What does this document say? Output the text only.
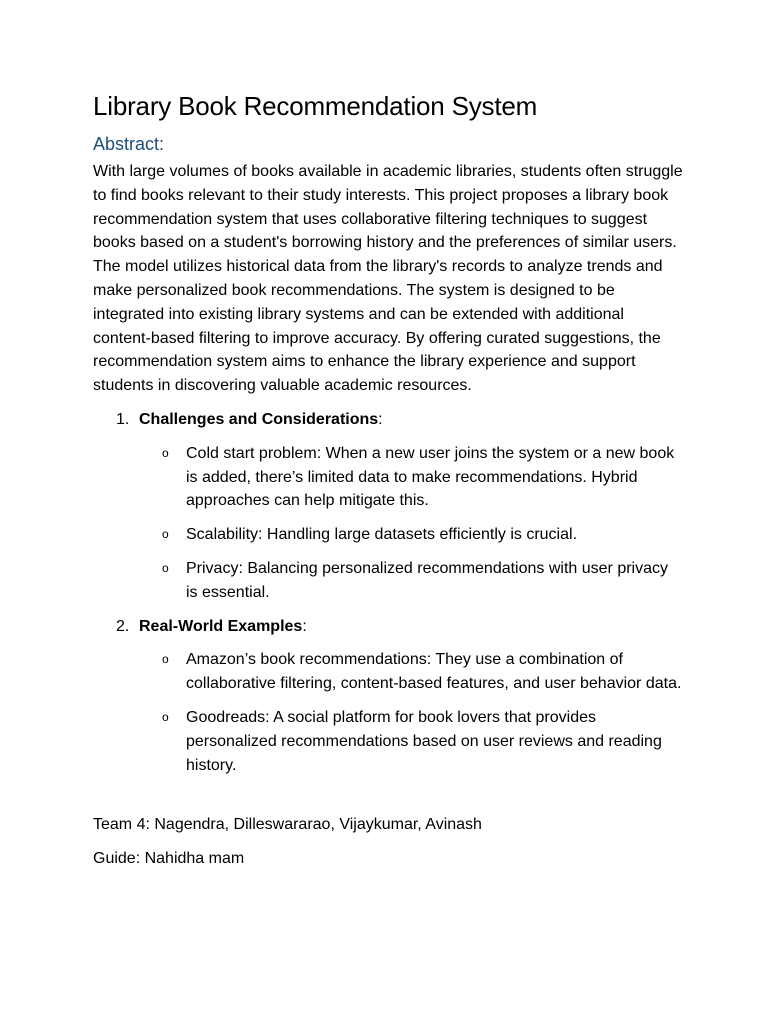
Library Book Recommendation System
Abstract:

With large volumes of books available in academic libraries, students often struggle to find books relevant to their study interests. This project proposes a library book recommendation system that uses collaborative filtering techniques to suggest books based on a student's borrowing history and the preferences of similar users. The model utilizes historical data from the library's records to analyze trends and make personalized book recommendations. The system is designed to be integrated into existing library systems and can be extended with additional content-based filtering to improve accuracy. By offering curated suggestions, the recommendation system aims to enhance the library experience and support students in discovering valuable academic resources.

1. Challenges and Considerations:
o Cold start problem: When a new user joins the system or a new book is added, there’s limited data to make recommendations. Hybrid approaches can help mitigate this.
o Scalability: Handling large datasets efficiently is crucial.
o Privacy: Balancing personalized recommendations with user privacy is essential.
2. Real-World Examples:
o Amazon’s book recommendations: They use a combination of collaborative filtering, content-based features, and user behavior data.
o Goodreads: A social platform for book lovers that provides personalized recommendations based on user reviews and reading history.

Team 4: Nagendra, Dilleswararao, Vijaykumar, Avinash

Guide: Nahidha mam
